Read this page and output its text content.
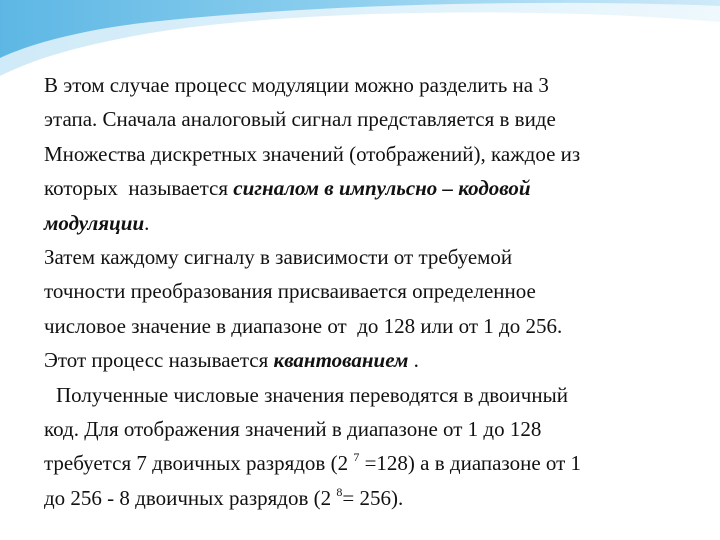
В этом случае процесс модуляции можно разделить на 3

этапа. Сначала аналоговый сигнал представляется в виде

Множества дискретных значений (отображений), каждое из

которых  называется сигналом в импульсно – кодовой

модуляции.

Затем каждому сигналу в зависимости от требуемой

точности преобразования присваивается определенное

числовое значение в диапазоне от  до 128 или от 1 до 256.

Этот процесс называется квантованием .

Полученные числовые значения переводятся в двоичный

код. Для отображения значений в диапазоне от 1 до 128

требуется 7 двоичных разрядов (2 $^7$ =128) а в диапазоне от 1

до 256 - 8 двоичных разрядов (2 $^8$= 256).
